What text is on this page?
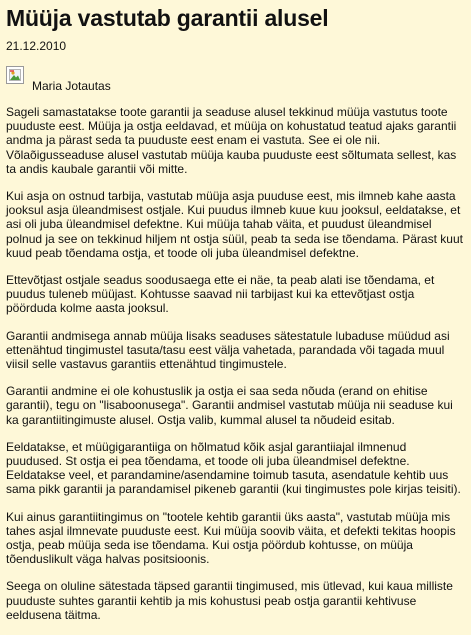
Müüja vastutab garantii alusel
21.12.2010
Maria Jotautas

Sageli samastatakse toote garantii ja seaduse alusel tekkinud müüja vastutus toote puuduste eest. Müüja ja ostja eeldavad, et müüja on kohustatud teatud ajaks garantii andma ja pärast seda ta puuduste eest enam ei vastuta. See ei ole nii. Võlaõigusseaduse alusel vastutab müüja kauba puuduste eest sõltumata sellest, kas ta andis kaubale garantii või mitte.

Kui asja on ostnud tarbija, vastutab müüja asja puuduse eest, mis ilmneb kahe aasta jooksul asja üleandmisest ostjale. Kui puudus ilmneb kuue kuu jooksul, eeldatakse, et asi oli juba üleandmisel defektne. Kui müüja tahab väita, et puudust üleandmisel polnud ja see on tekkinud hiljem nt ostja süül, peab ta seda ise tõendama. Pärast kuut kuud peab tõendama ostja, et toode oli juba üleandmisel defektne.

Ettevõtjast ostjale seadus soodusaega ette ei näe, ta peab alati ise tõendama, et puudus tuleneb müüjast. Kohtusse saavad nii tarbijast kui ka ettevõtjast ostja pöörduda kolme aasta jooksul.

Garantii andmisega annab müüja lisaks seaduses sätestatule lubaduse müüdud asi ettenähtud tingimustel tasuta/tasu eest välja vahetada, parandada või tagada muul viisil selle vastavus garantiis ettenähtud tingimustele.

Garantii andmine ei ole kohustuslik ja ostja ei saa seda nõuda (erand on ehitise garantii), tegu on "lisaboonusega". Garantii andmisel vastutab müüja nii seaduse kui ka garantiitingimuste alusel. Ostja valib, kummal alusel ta nõudeid esitab.

Eeldatakse, et müügigarantiiga on hõlmatud kõik asjal garantiiajal ilmnenud puudused. St ostja ei pea tõendama, et toode oli juba üleandmisel defektne. Eeldatakse veel, et parandamine/asendamine toimub tasuta, asendatule kehtib uus sama pikk garantii ja parandamisel pikeneb garantii (kui tingimustes pole kirjas teisiti).

Kui ainus garantiitingimus on "tootele kehtib garantii üks aasta", vastutab müüja mis tahes asjal ilmnevate puuduste eest. Kui müüja soovib väita, et defekti tekitas hoopis ostja, peab müüja seda ise tõendama. Kui ostja pöördub kohtusse, on müüja tõenduslikult väga halvas positsioonis.

Seega on oluline sätestada täpsed garantii tingimused, mis ütlevad, kui kaua milliste puuduste suhtes garantii kehtib ja mis kohustusi peab ostja garantii kehtivuse eeldusena täitma.
